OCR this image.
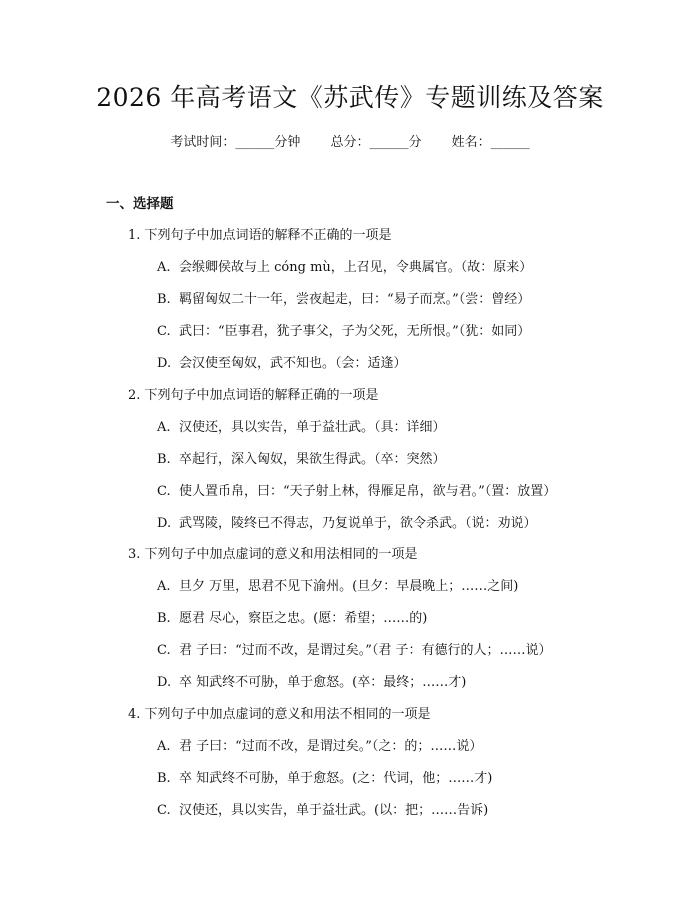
2026 年高考语文《苏武传》专题训练及答案
考试时间：______分钟 总分：______分 姓名：______
一、选择题
1. 下列句子中加点词语的解释不正确的一项是
A. 会缑卿侯故与上 cóng mù，上召见，令典属官。（故：原来）
B. 羁留匈奴二十一年，尝夜起走，曰：“易子而烹。”（尝：曾经）
C. 武曰：“臣事君，犹子事父，子为父死，无所恨。”（犹：如同）
D. 会汉使至匈奴，武不知也。（会：适逢）
2. 下列句子中加点词语的解释正确的一项是
A. 汉使还，具以实告，单于益壮武。（具：详细）
B. 卒起行，深入匈奴，果欲生得武。（卒：突然）
C. 使人置币帛，曰：“天子射上林，得雁足帛，欲与君。”（置：放置）
D. 武骂陵，陵终已不得志，乃复说单于，欲令杀武。（说：劝说）
3. 下列句子中加点虚词的意义和用法相同的一项是
A. 旦夕 万里，思君不见下渝州。(旦夕：早晨晚上；……之间)
B. 愿君 尽心，察臣之忠。(愿：希望；……的)
C. 君 子曰：“过而不改，是谓过矣。”（君 子：有德行的人；……说）
D. 卒 知武终不可胁，单于愈怒。(卒：最终；……才)
4. 下列句子中加点虚词的意义和用法不相同的一项是
A. 君 子曰：“过而不改，是谓过矣。”（之：的；……说）
B. 卒 知武终不可胁，单于愈怒。(之：代词，他；……才)
C. 汉使还，具以实告，单于益壮武。(以：把；……告诉)
